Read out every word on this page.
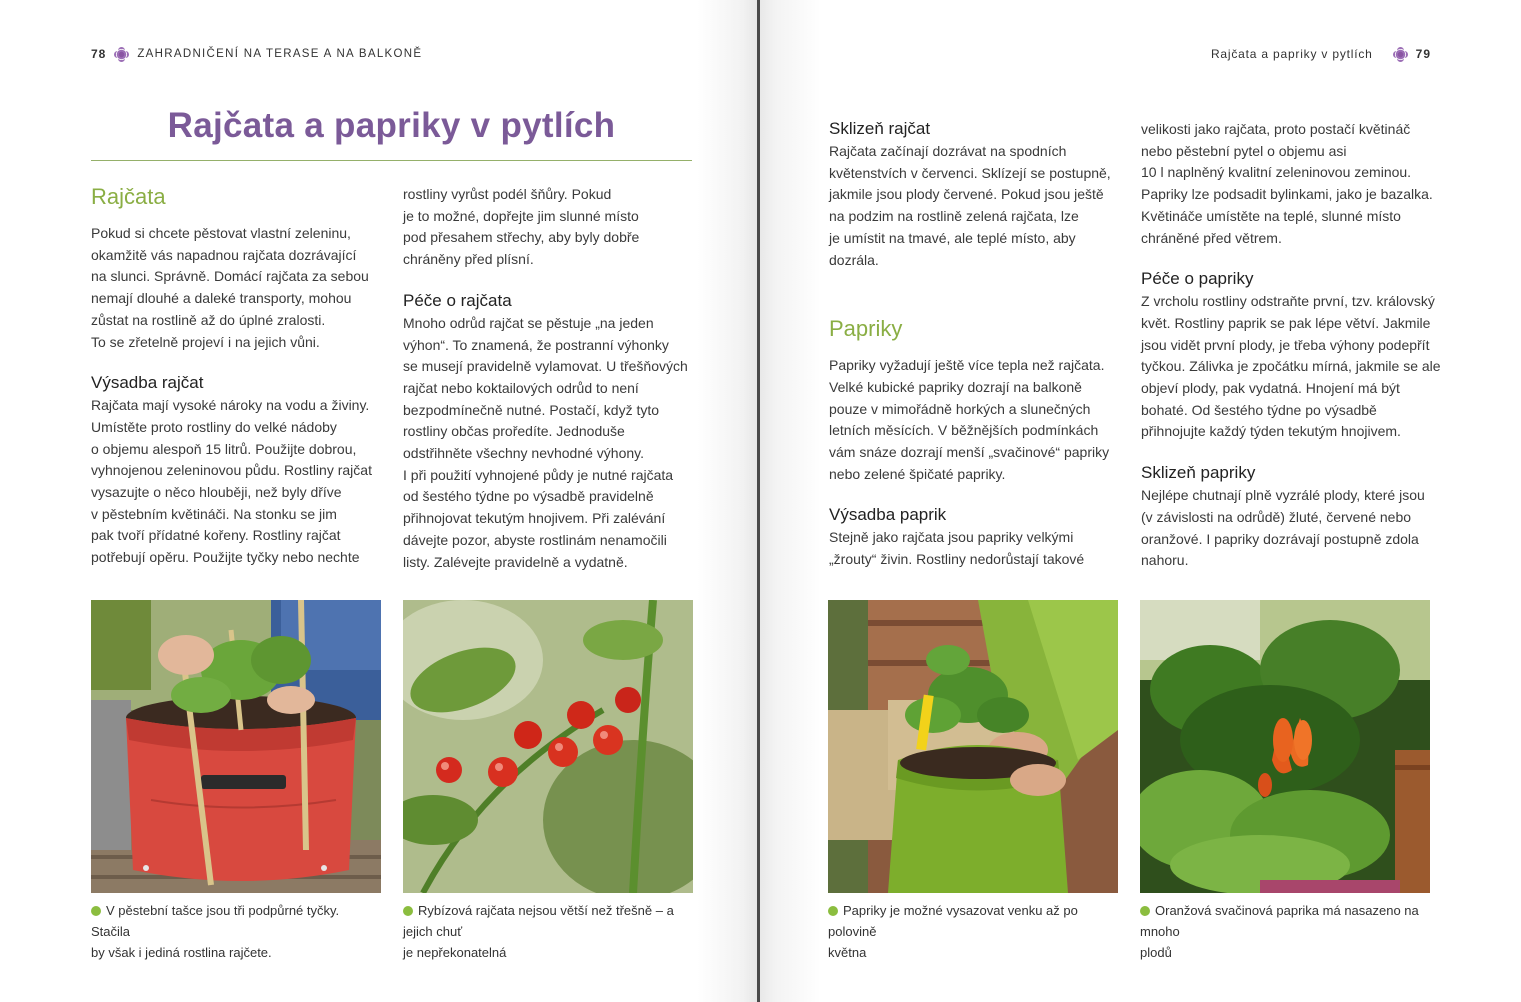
78	ZAHRADNIČENÍ NA TERASE A NA BALKONĚ
Rajčata a papriky v pytlích
Rajčata

Pokud si chcete pěstovat vlastní zeleninu,

okamžitě vás napadnou rajčata dozrávající

na slunci. Správně. Domácí rajčata za sebou

nemají dlouhé a daleké transporty, mohou

zůstat na rostlině až do úplné zralosti.

To se zřetelně projeví i na jejich vůni.

Výsadba rajčat

Rajčata mají vysoké nároky na vodu a živiny.

Umístěte proto rostliny do velké nádoby

o objemu alespoň 15 litrů. Použijte dobrou,

vyhnojenou zeleninovou půdu. Rostliny rajčat

vysazujte o něco hlouběji, než byly dříve

v pěstebním květináči. Na stonku se jim

pak tvoří přídatné kořeny. Rostliny rajčat

potřebují opěru. Použijte tyčky nebo nechte

rostliny vyrůst podél šňůry. Pokud

je to možné, dopřejte jim slunné místo

pod přesahem střechy, aby byly dobře

chráněny před plísní.

Péče o rajčata

Mnoho odrůd rajčat se pěstuje „na jeden

výhon“. To znamená, že postranní výhonky

se musejí pravidelně vylamovat. U třešňových

rajčat nebo koktailových odrůd to není

bezpodmínečně nutné. Postačí, když tyto

rostliny občas proředíte. Jednoduše

odstřihněte všechny nevhodné výhony.

I při použití vyhnojené půdy je nutné rajčata

od šestého týdne po výsadbě pravidelně

přihnojovat tekutým hnojivem. Při zalévání

dávejte pozor, abyste rostlinám nenamočili

listy. Zalévejte pravidelně a vydatně.

V pěstební tašce jsou tři podpůrné tyčky. Stačila
by však i jediná rostlina rajčete.
Rybízová rajčata nejsou větší než třešně – a jejich chuť
je nepřekonatelná
Rajčata a papriky v pytlích	79
Sklizeň rajčat

Rajčata začínají dozrávat na spodních

květenstvích v červenci. Sklízejí se postupně,

jakmile jsou plody červené. Pokud jsou ještě

na podzim na rostlině zelená rajčata, lze

je umístit na tmavé, ale teplé místo, aby

dozrála.

Papriky

Papriky vyžadují ještě více tepla než rajčata.

Velké kubické papriky dozrají na balkoně

pouze v mimořádně horkých a slunečných

letních měsících. V běžnějších podmínkách

vám snáze dozrají menší „svačinové“ papriky

nebo zelené špičaté papriky.

Výsadba paprik

Stejně jako rajčata jsou papriky velkými

„žrouty“ živin. Rostliny nedorůstají takové

velikosti jako rajčata, proto postačí květináč

nebo pěstební pytel o objemu asi

10 l naplněný kvalitní zeleninovou zeminou.

Papriky lze podsadit bylinkami, jako je bazalka.

Květináče umístěte na teplé, slunné místo

chráněné před větrem.

Péče o papriky

Z vrcholu rostliny odstraňte první, tzv. královský

květ. Rostliny paprik se pak lépe větví. Jakmile

jsou vidět první plody, je třeba výhony podepřít

tyčkou. Zálivka je zpočátku mírná, jakmile se ale

objeví plody, pak vydatná. Hnojení má být

bohaté. Od šestého týdne po výsadbě

přihnojujte každý týden tekutým hnojivem.

Sklizeň papriky

Nejlépe chutnají plně vyzrálé plody, které jsou

(v závislosti na odrůdě) žluté, červené nebo

oranžové. I papriky dozrávají postupně zdola

nahoru.

Papriky je možné vysazovat venku až po polovině
května
Oranžová svačinová paprika má nasazeno na mnoho
plodů
